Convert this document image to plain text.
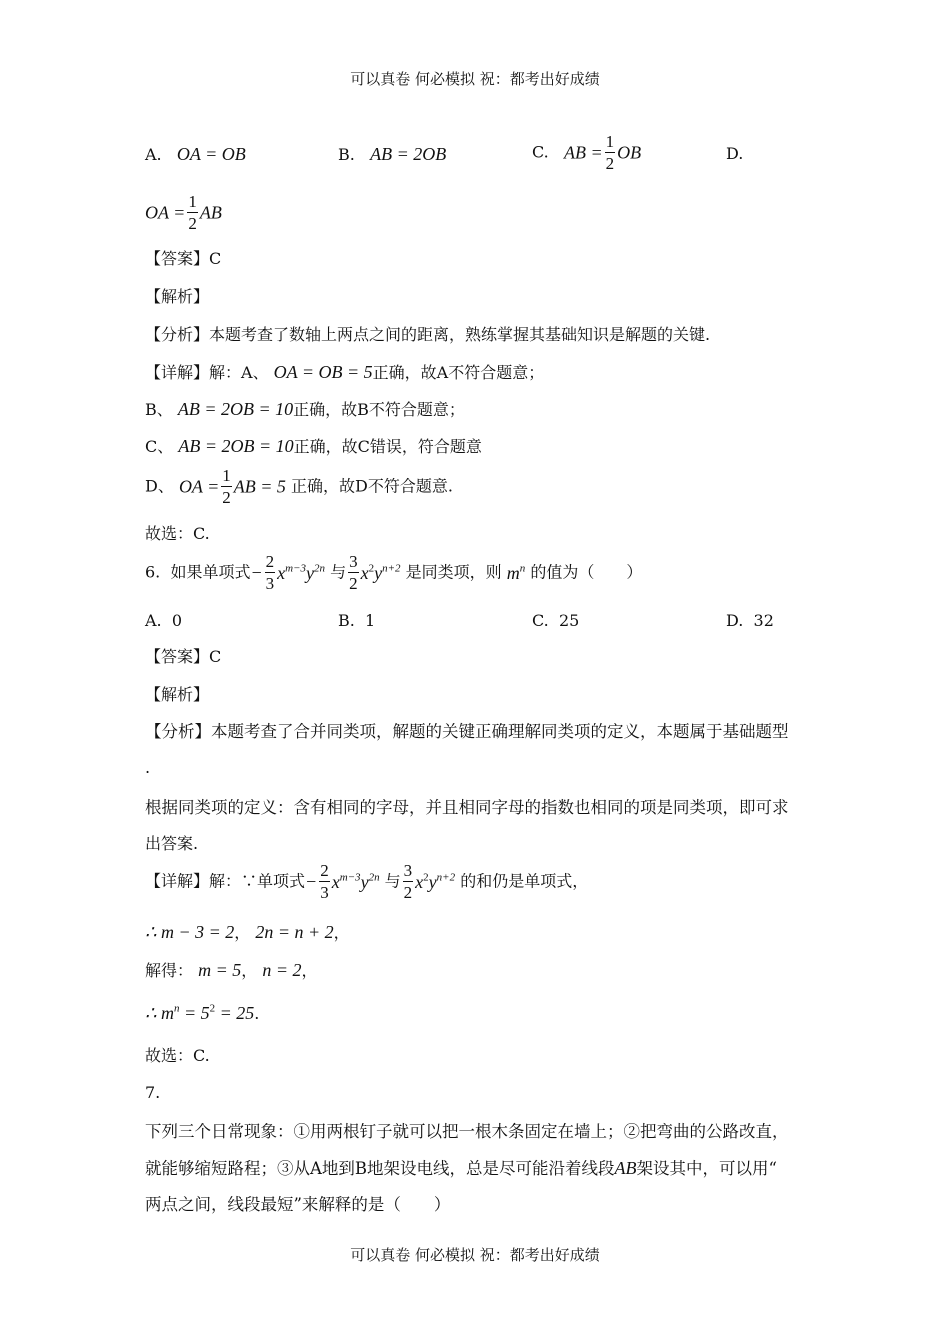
可以真卷 何必模拟 祝：都考出好成绩
A. OA = OB	B. AB = 2OB	C. AB = $\frac{1}{2}$ OB	D.
OA = $\frac{1}{2}$ AB
【答案】C
【解析】
【分析】本题考查了数轴上两点之间的距离，熟练掌握其基础知识是解题的关键.
【详解】解：A、 OA = OB = 5正确，故A不符合题意；
B、 AB = 2OB = 10正确，故B不符合题意；
C、 AB = 2OB = 10正确，故C错误，符合题意
D、 OA = $\frac{1}{2}$ AB = 5 正确，故D不符合题意.
故选：C.
6. 如果单项式− $\frac{2}{3} x^{m-3}y^{2n}$ 与 $\frac{3}{2} x^2y^{n+2}$ 是同类项，则 $m^n$ 的值为（　　）
A. 0	B. 1	C. 25	D. 32
【答案】C
【解析】
【分析】本题考查了合并同类项，解题的关键正确理解同类项的定义，本题属于基础题型
.
根据同类项的定义：含有相同的字母，并且相同字母的指数也相同的项是同类项，即可求
出答案.
【详解】解：∵单项式− $\frac{2}{3} x^{m-3}y^{2n}$ 与 $\frac{3}{2} x^2y^{n+2}$ 的和仍是单项式，
∴ m − 3 = 2， 2n = n + 2，
解得： m = 5， n = 2，
∴ $m^n = 5^2 = 25$.
故选：C.
7.
下列三个日常现象：①用两根钉子就可以把一根木条固定在墙上；②把弯曲的公路改直，
就能够缩短路程；③从A地到B地架设电线，总是尽可能沿着线段AB架设其中，可以用“
两点之间，线段最短”来解释的是（　　）
可以真卷 何必模拟 祝：都考出好成绩
